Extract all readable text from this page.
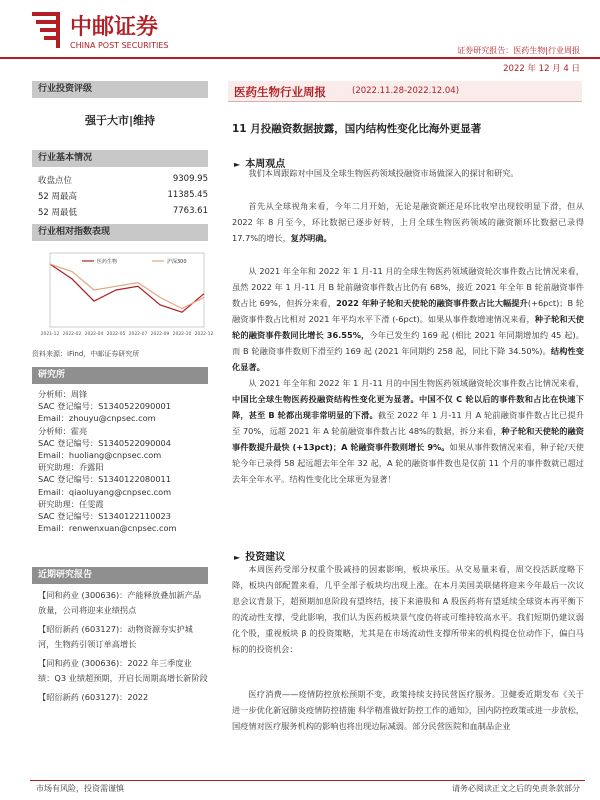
中邮证券
CHINA POST SECURITIES
证券研究报告：医药生物|行业周报
2022 年 12 月 4 日
行业投资评级
强于大市|维持
行业基本情况
收盘点位	9309.95
52 周最高	11385.45
52 周最低	7763.61
行业相对指数表现
2021-12 2022-02 2022-04 2022-05 2022-07 2022-09 2022-10 2022-12
医药生物	沪深300
资料来源：iFind，中邮证券研究所
研究所
分析师：周锋
SAC 登记编号：S1340522090001
Email：zhouyu@cnpsec.com
分析师：霍亮
SAC 登记编号：S1340522090004
Email：huoliang@cnpsec.com
研究助理：乔露阳
SAC 登记编号：S1340122080011
Email：qiaoluyang@cnpsec.com
研究助理：任雯霞
SAC 登记编号：S1340122110023
Email：renwenxuan@cnpsec.com
近期研究报告
【同和药业 (300636)：产能释放叠加新产品放量，公司将迎来业绩拐点
【昭衍新药 (603127)：动物资源夯实护城河，生物药引领订单高增长
【同和药业 (300636)：2022 年三季度业绩：Q3 业绩超预期，开启长周期高增长新阶段
【昭衍新药 (603127)：2022
医药生物行业周报	(2022.11.28-2022.12.04)
11 月投融资数据披露，国内结构性变化比海外更显著
► 本周观点
我们本周跟踪对中国及全球生物医药领域投融资市场做深入的探讨和研究。
首先从全球视角来看，今年二月开始，无论是融资额还是环比收窄出现较明显下滑，但从 2022 年 8 月至今，环比数据已逐步好转，上月全球生物医药领域的融资额环比数据已录得 17.7%的增长，复苏明确。
从 2021 年全年和 2022 年 1 月-11 月的全球生物医药领域融资轮次事件数占比情况来看，虽然 2022 年 1 月-11 月 B 轮前融资事件数占比仍有 68%，接近 2021 年全年 B 轮前融资事件数占比 69%，但拆分来看，2022 年种子轮和天使轮的融资事件数占比大幅提升(+6pct)；B 轮融资事件数占比相对 2021 年平均水平下滑 (-6pct)。如果从事件数增速情况来看，种子轮和天使轮的融资事件数同比增长 36.55%，今年已发生约 169 起 (相比 2021 年同期增加约 45 起)。而 B 轮融资事件数则下滑至约 169 起 (2021 年同期约 258 起，同比下降 34.50%)。结构性变化显著。
从 2021 年全年和 2022 年 1 月-11 月的中国生物医药领域融资轮次事件数占比情况来看，中国比全球生物医药投融资结构性变化更为显著。中国不仅 C 轮以后的事件数和占比在快速下降，甚至 B 轮都出现非常明显的下滑。截至 2022 年 1 月-11 月 A 轮前融资事件数占比已提升至 70%，远超 2021 年 A 轮前融资事件数占比 48%的数据，拆分来看，种子轮和天使轮的融资事件数提升最快 (+13pct)；A 轮融资事件数则增长 9%。如果从事件数情况来看，种子轮/天使轮今年已录得 58 起远超去年全年 32 起，A 轮的融资事件数也是仅前 11 个月的事件数就已超过去年全年水平。结构性变化比全球更为显著！
► 投资建议
本周医药受部分权重个股减持的因素影响，板块承压。从交易量来看，周交投活跃度略下降，板块内部配置来看，几乎全部子板块均出现上涨。在本月美国美联储将迎来今年最后一次议息会议背景下，超预期加息阶段有望终结，接下来港股和 A 股医药将有望延续全球资本再平衡下的流动性支撑，受此影响，我们认为医药板块景气度仍将或可维持较高水平。我们短期仍建议弱化个股，重视板块 β 的投资策略，尤其是在市场流动性支撑所带来的机构提仓位动作下，偏白马标的的投资机会：
医疗消费——疫情防控放松预期不变，政策持续支持民营医疗服务。卫健委近期发布《关于进一步优化新冠肺炎疫情防控措施 科学精准做好防控工作的通知》，国内防控政策或进一步放松，国疫情对医疗服务机构的影响也将出现边际减弱。部分民营医院和血制品企业
市场有风险，投资需谨慎	请务必阅读正文之后的免责条款部分
